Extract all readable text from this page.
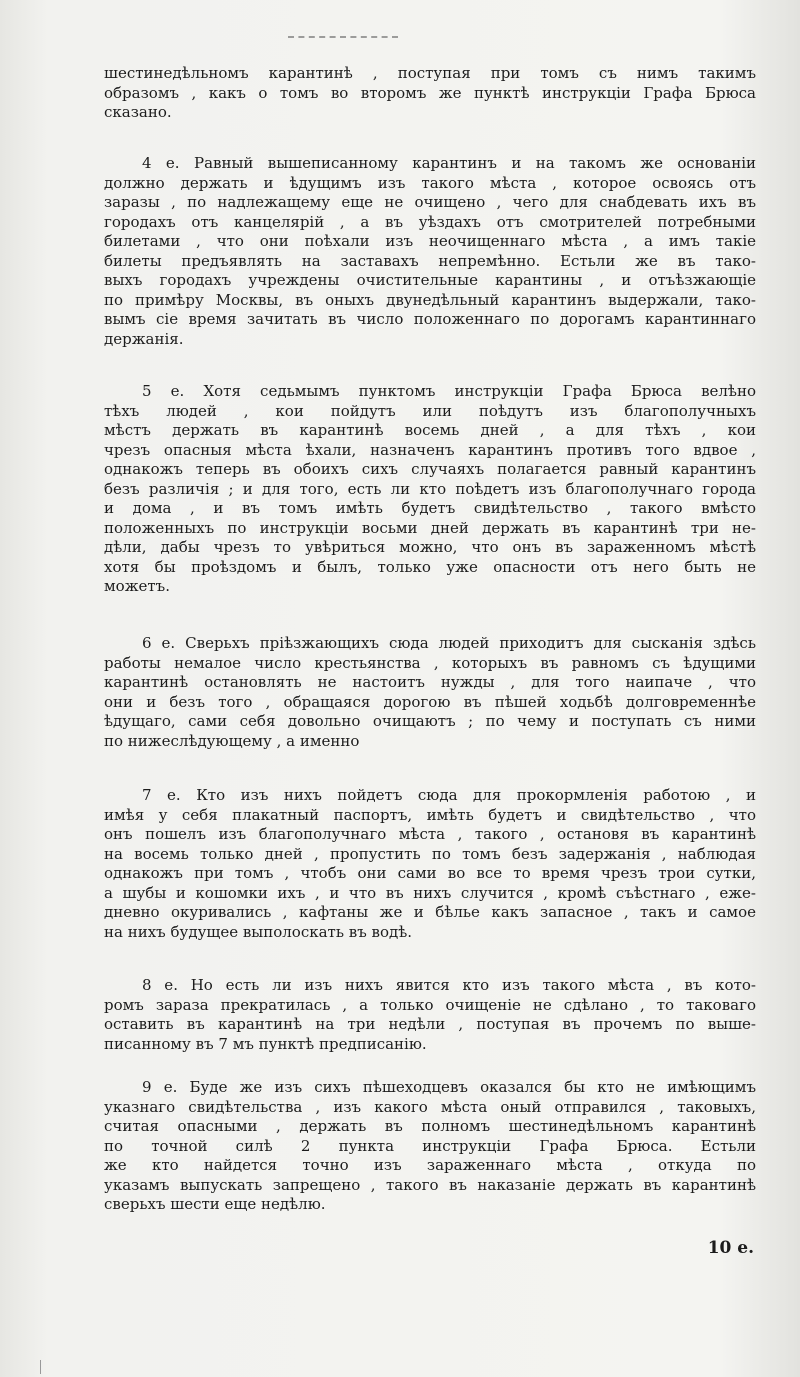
шестинедѣльномъ карантинѣ , поступая при томъ съ нимъ такимъ
образомъ , какъ о томъ во второмъ же пунктѣ инструкціи Графа Брюса
сказано.
4 е. Равный вышеписанному карантинъ и на такомъ же основаніи
должно держать и ѣдущимъ изъ такого мѣста , которое освоясь отъ
заразы , по надлежащему еще не очищено , чего для снабдевать ихъ въ
городахъ отъ канцелярій , а въ уѣздахъ отъ смотрителей потребными
билетами , что они поѣхали изъ неочищеннаго мѣста , а имъ такіе
билеты предъявлять на заставахъ непремѣнно. Естьли же въ тако-
выхъ городахъ учреждены очистительные карантины , и отъѣзжающіе
по примѣру Москвы, въ оныхъ двунедѣльный карантинъ выдержали, тако-
вымъ сіе время зачитать въ число положеннаго по дорогамъ карантиннаго
держанія.
5 е. Хотя седьмымъ пунктомъ инструкціи Графа Брюса велѣно
тѣхъ людей , кои пойдутъ или поѣдутъ изъ благополучныхъ
мѣстъ держать въ карантинѣ восемь дней , а для тѣхъ , кои
чрезъ опасныя мѣста ѣхали, назначенъ карантинъ противъ того вдвое ,
однакожъ теперь въ обоихъ сихъ случаяхъ полагается равный карантинъ
безъ различія ; и для того, есть ли кто поѣдетъ изъ благополучнаго города
и дома , и въ томъ имѣть будетъ свидѣтельство , такого вмѣсто
положенныхъ по инструкціи восьми дней держать въ карантинѣ три не-
дѣли, дабы чрезъ то увѣриться можно, что онъ въ зараженномъ мѣстѣ
хотя бы проѣздомъ и былъ, только уже опасности отъ него быть не
можетъ.
6 е. Сверьхъ пріѣзжающихъ сюда людей приходитъ для сысканія здѣсь
работы немалое число крестьянства , которыхъ въ равномъ съ ѣдущими
карантинѣ остановлять не настоитъ нужды , для того наипаче , что
они и безъ того , обращаяся дорогою въ пѣшей ходьбѣ долговременнѣе
ѣдущаго, сами себя довольно очищаютъ ; по чему и поступать съ ними
по нижеслѣдующему , а именно
7 е. Кто изъ нихъ пойдетъ сюда для прокормленія работою , и
имѣя у себя плакатный паспортъ, имѣть будетъ и свидѣтельство , что
онъ пошелъ изъ благополучнаго мѣста , такого , остановя въ карантинѣ
на восемь только дней , пропустить по томъ безъ задержанія , наблюдая
однакожъ при томъ , чтобъ они сами во все то время чрезъ трои сутки,
а шубы и кошомки ихъ , и что въ нихъ случится , кромѣ съѣстнаго , еже-
дневно окуривались , кафтаны же и бѣлье какъ запасное , такъ и самое
на нихъ будущее выполоскать въ водѣ.
8 е. Но есть ли изъ нихъ явится кто изъ такого мѣста , въ кото-
ромъ зараза прекратилась , а только очищеніе не сдѣлано , то таковаго
оставить въ карантинѣ на три недѣли , поступая въ прочемъ по выше-
писанному въ 7 мъ пунктѣ предписанію.
9 е. Буде же изъ сихъ пѣшеходцевъ оказался бы кто не имѣющимъ
указнаго свидѣтельства , изъ какого мѣста оный отправился , таковыхъ,
считая опасными , держать въ полномъ шестинедѣльномъ карантинѣ
по точной силѣ 2 пункта инструкціи Графа Брюса. Естьли
же кто найдется точно изъ зараженнаго мѣста , откуда по
указамъ выпускать запрещено , такого въ наказаніе держать въ карантинѣ
сверьхъ шести еще недѣлю.
10 е.
